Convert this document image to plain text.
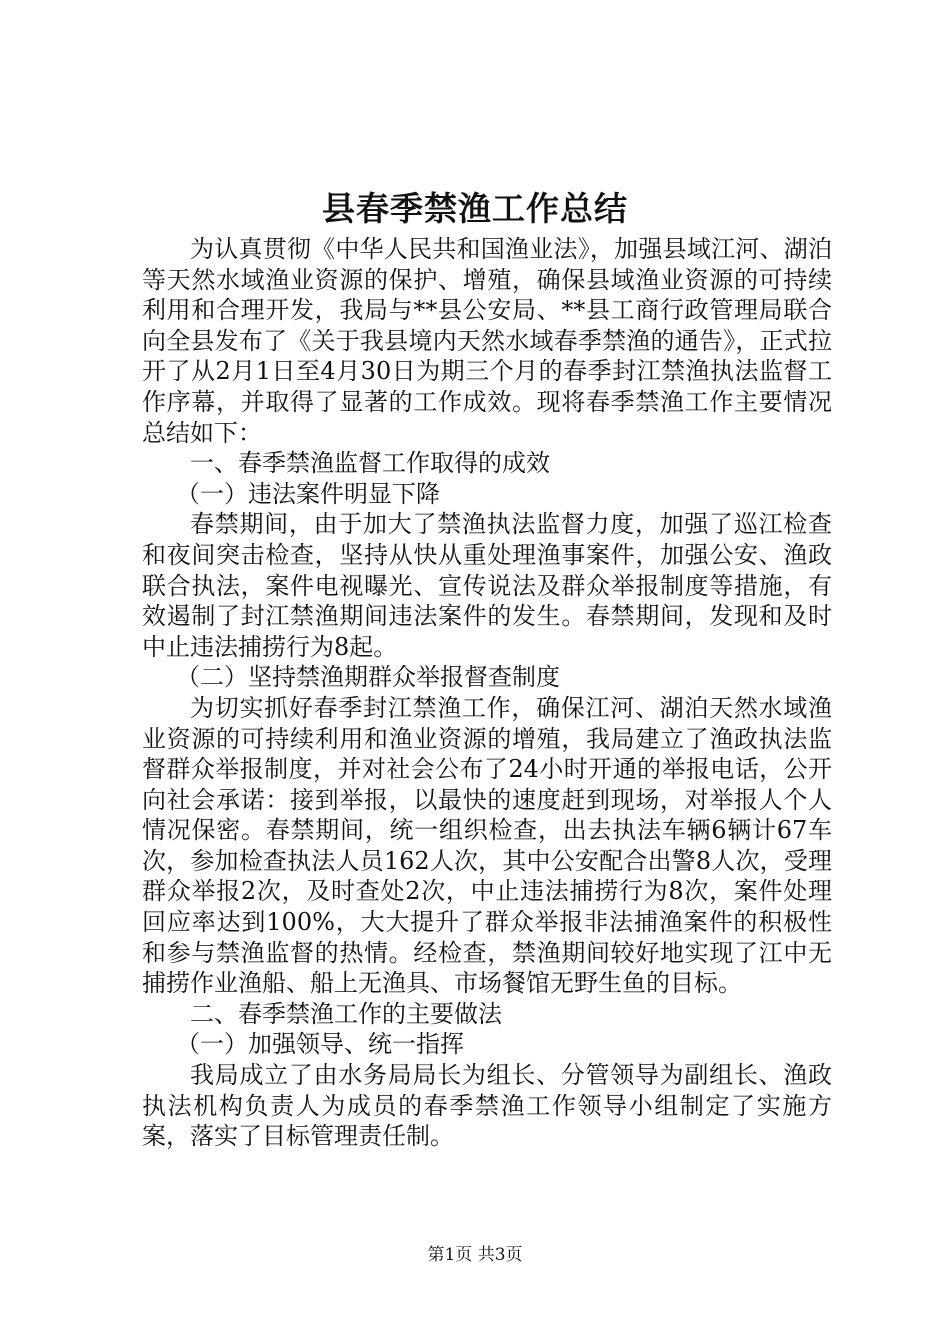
县春季禁渔工作总结

为认真贯彻《中华人民共和国渔业法》，加强县域江河、湖泊等天然水域渔业资源的保护、增殖，确保县域渔业资源的可持续利用和合理开发，我局与**县公安局、**县工商行政管理局联合向全县发布了《关于我县境内天然水域春季禁渔的通告》，正式拉开了从2月1日至4月30日为期三个月的春季封江禁渔执法监督工作序幕，并取得了显著的工作成效。现将春季禁渔工作主要情况总结如下：

一、春季禁渔监督工作取得的成效

（一）违法案件明显下降

春禁期间，由于加大了禁渔执法监督力度，加强了巡江检查和夜间突击检查，坚持从快从重处理渔事案件，加强公安、渔政联合执法，案件电视曝光、宣传说法及群众举报制度等措施，有效遏制了封江禁渔期间违法案件的发生。春禁期间，发现和及时中止违法捕捞行为8起。

（二）坚持禁渔期群众举报督查制度

为切实抓好春季封江禁渔工作，确保江河、湖泊天然水域渔业资源的可持续利用和渔业资源的增殖，我局建立了渔政执法监督群众举报制度，并对社会公布了24小时开通的举报电话，公开向社会承诺：接到举报，以最快的速度赶到现场，对举报人个人情况保密。春禁期间，统一组织检查，出去执法车辆6辆计67车次，参加检查执法人员162人次，其中公安配合出警8人次，受理群众举报2次，及时查处2次，中止违法捕捞行为8次，案件处理回应率达到100%，大大提升了群众举报非法捕渔案件的积极性和参与禁渔监督的热情。经检查，禁渔期间较好地实现了江中无捕捞作业渔船、船上无渔具、市场餐馆无野生鱼的目标。

二、春季禁渔工作的主要做法

（一）加强领导、统一指挥

我局成立了由水务局局长为组长、分管领导为副组长、渔政执法机构负责人为成员的春季禁渔工作领导小组制定了实施方案，落实了目标管理责任制。

第1页 共3页
